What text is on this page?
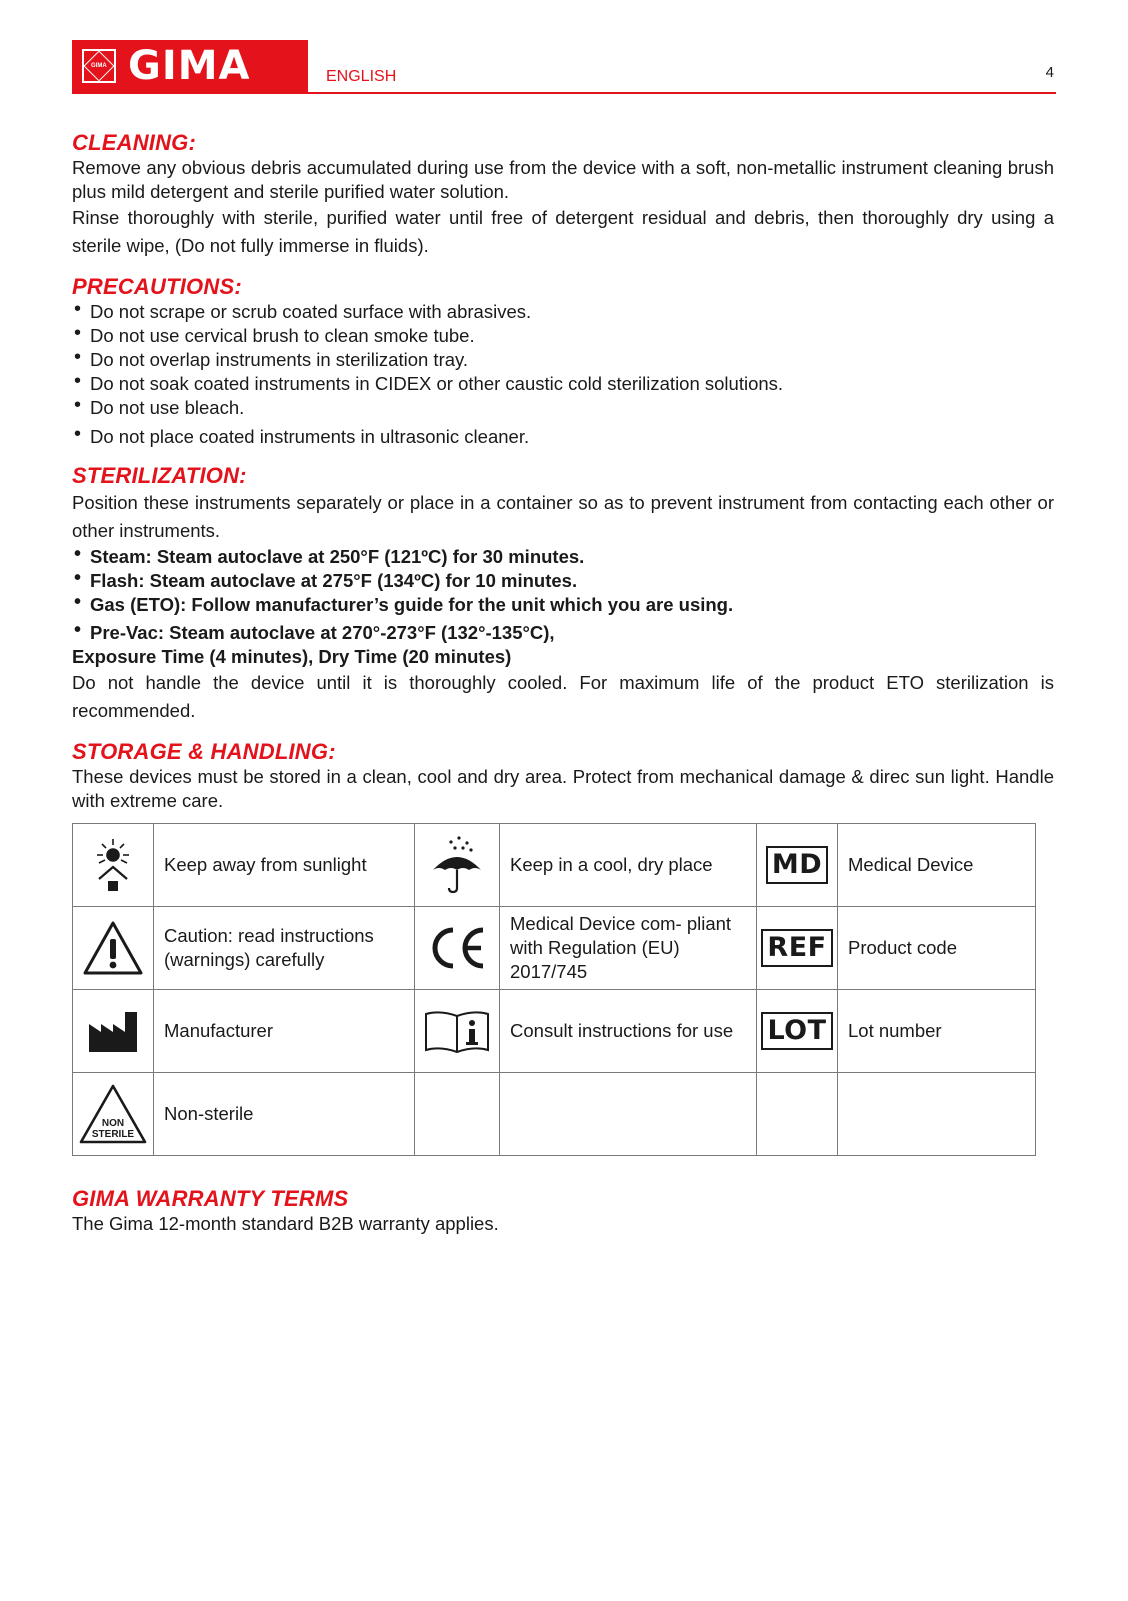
GIMA GIMA	ENGLISH	4
CLEANING:

Remove any obvious debris accumulated during use from the device with a soft, non-metallic instrument cleaning brush plus mild detergent and sterile purified water solution.

Rinse thoroughly with sterile, purified water until free of detergent residual and debris, then thoroughly dry using a sterile wipe, (Do not fully immerse in fluids).

PRECAUTIONS:
• Do not scrape or scrub coated surface with abrasives.
• Do not use cervical brush to clean smoke tube.
• Do not overlap instruments in sterilization tray.
• Do not soak coated instruments in CIDEX or other caustic cold sterilization solutions.
• Do not use bleach.
• Do not place coated instruments in ultrasonic cleaner.
STERILIZATION:

Position these instruments separately or place in a container so as to prevent instrument from contacting each other or other instruments.

• Steam: Steam autoclave at 250°F (121ºC) for 30 minutes.
• Flash: Steam autoclave at 275°F (134ºC) for 10 minutes.
• Gas (ETO): Follow manufacturer’s guide for the unit which you are using.
• Pre-Vac: Steam autoclave at 270°-273°F (132°-135°C),

Exposure Time (4 minutes), Dry Time (20 minutes)

Do not handle the device until it is thoroughly cooled. For maximum life of the product ETO sterilization is recommended.

STORAGE & HANDLING:

These devices must be stored in a clean, cool and dry area. Protect from mechanical damage & direc sun light. Handle with extreme care.

	Keep away from sunlight		Keep in a cool, dry place	MD	Medical Device
	Caution: read instructions (warnings) carefully		Medical Device com- pliant with Regulation (EU) 2017/745	REF	Product code
	Manufacturer		Consult instructions for use	LOT	Lot number

NON
STERILE	Non-sterile				
GIMA WARRANTY TERMS

The Gima 12-month standard B2B warranty applies.
